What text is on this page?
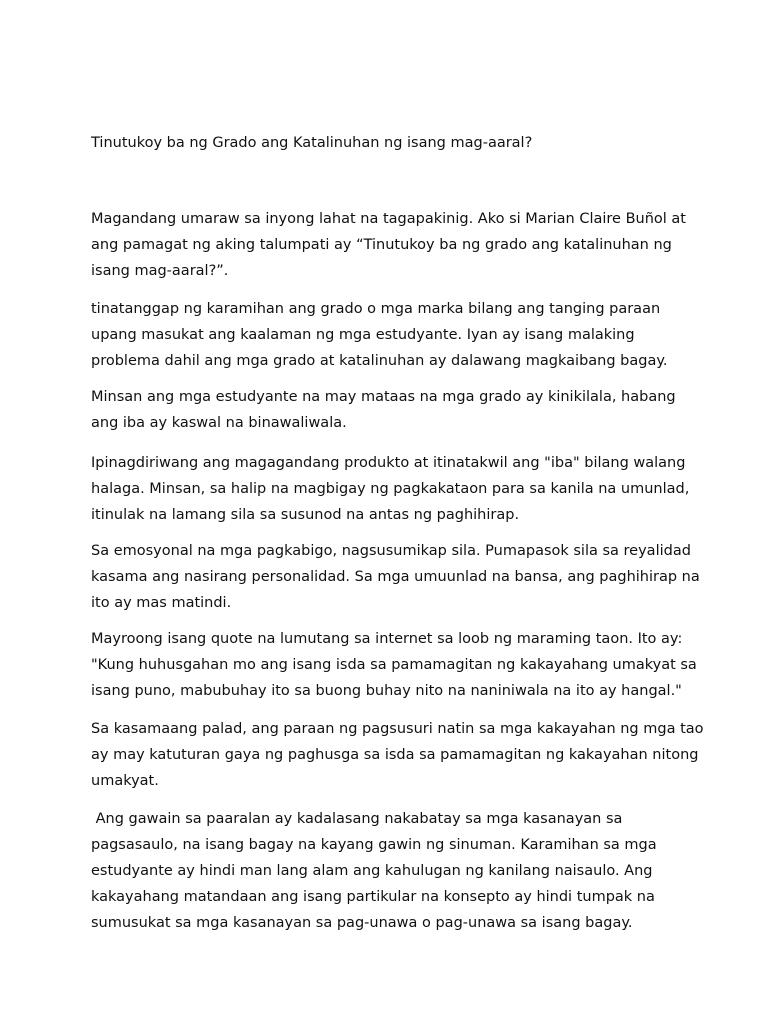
Tinutukoy ba ng Grado ang Katalinuhan ng isang mag-aaral?
Magandang umaraw sa inyong lahat na tagapakinig. Ako si Marian Claire Buñol at
ang pamagat ng aking talumpati ay “Tinutukoy ba ng grado ang katalinuhan ng
isang mag-aaral?”.
tinatanggap ng karamihan ang grado o mga marka bilang ang tanging paraan
upang masukat ang kaalaman ng mga estudyante. Iyan ay isang malaking
problema dahil ang mga grado at katalinuhan ay dalawang magkaibang bagay.
Minsan ang mga estudyante na may mataas na mga grado ay kinikilala, habang
ang iba ay kaswal na binawaliwala.
Ipinagdiriwang ang magagandang produkto at itinatakwil ang "iba" bilang walang
halaga. Minsan, sa halip na magbigay ng pagkakataon para sa kanila na umunlad,
itinulak na lamang sila sa susunod na antas ng paghihirap.
Sa emosyonal na mga pagkabigo, nagsusumikap sila. Pumapasok sila sa reyalidad
kasama ang nasirang personalidad. Sa mga umuunlad na bansa, ang paghihirap na
ito ay mas matindi.
Mayroong isang quote na lumutang sa internet sa loob ng maraming taon. Ito ay:
"Kung huhusgahan mo ang isang isda sa pamamagitan ng kakayahang umakyat sa
isang puno, mabubuhay ito sa buong buhay nito na naniniwala na ito ay hangal."
Sa kasamaang palad, ang paraan ng pagsusuri natin sa mga kakayahan ng mga tao
ay may katuturan gaya ng paghusga sa isda sa pamamagitan ng kakayahan nitong
umakyat.
Ang gawain sa paaralan ay kadalasang nakabatay sa mga kasanayan sa
pagsasaulo, na isang bagay na kayang gawin ng sinuman. Karamihan sa mga
estudyante ay hindi man lang alam ang kahulugan ng kanilang naisaulo. Ang
kakayahang matandaan ang isang partikular na konsepto ay hindi tumpak na
sumusukat sa mga kasanayan sa pag-unawa o pag-unawa sa isang bagay.
